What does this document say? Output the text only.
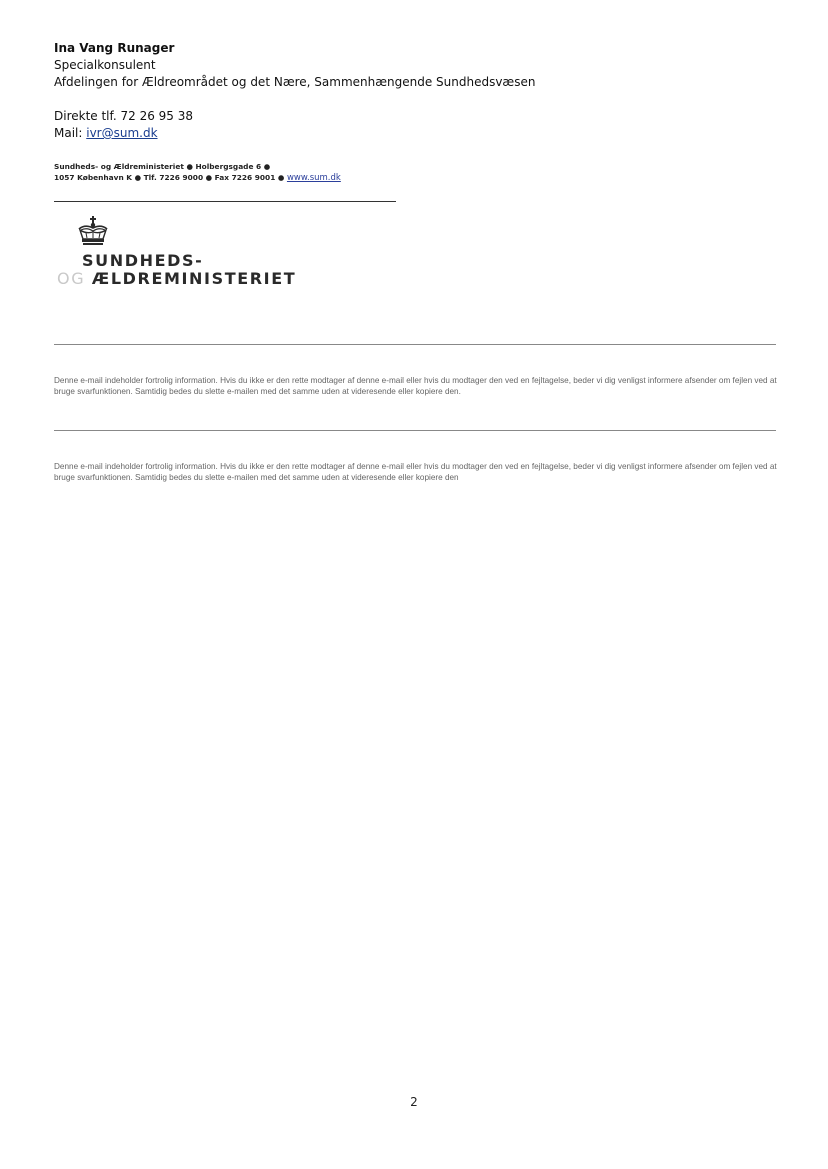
Ina Vang Runager
Specialkonsulent
Afdelingen for Ældreområdet og det Nære, Sammenhængende Sundhedsvæsen
Direkte tlf. 72 26 95 38
Mail: ivr@sum.dk
Sundheds- og Ældreministeriet ● Holbergsgade 6 ●
1057 København K ● Tlf. 7226 9000 ● Fax 7226 9001 ● www.sum.dk
SUNDHEDS-
OG ÆLDREMINISTERIET
Denne e-mail indeholder fortrolig information. Hvis du ikke er den rette modtager af denne e-mail eller hvis du modtager den ved en fejltagelse, beder vi dig venligst informere afsender om fejlen ved at bruge svarfunktionen. Samtidig bedes du slette e-mailen med det samme uden at videresende eller kopiere den.
Denne e-mail indeholder fortrolig information. Hvis du ikke er den rette modtager af denne e-mail eller hvis du modtager den ved en fejltagelse, beder vi dig venligst informere afsender om fejlen ved at bruge svarfunktionen. Samtidig bedes du slette e-mailen med det samme uden at videresende eller kopiere den
2
